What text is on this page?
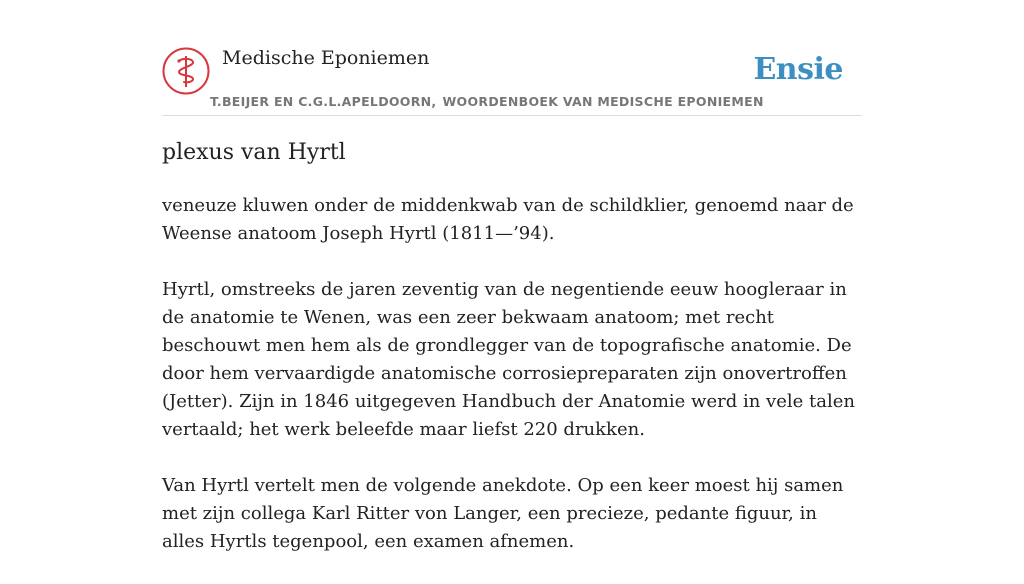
Medische Eponiemen	Ensie
T.BEIJER EN C.G.L.APELDOORN, WOORDENBOEK VAN MEDISCHE EPONIEMEN
plexus van Hyrtl

veneuze kluwen onder de middenkwab van de schildklier, genoemd naar de Weense anatoom Joseph Hyrtl (1811—’94).

Hyrtl, omstreeks de jaren zeventig van de negentiende eeuw hoogleraar in de anatomie te Wenen, was een zeer bekwaam anatoom; met recht beschouwt men hem als de grondlegger van de topografische anatomie. De door hem vervaardigde anatomische corrosiepreparaten zijn onovertroffen (Jetter). Zijn in 1846 uitgegeven Handbuch der Anatomie werd in vele talen vertaald; het werk beleefde maar liefst 220 drukken.

Van Hyrtl vertelt men de volgende anekdote. Op een keer moest hij samen met zijn collega Karl Ritter von Langer, een precieze, pedante figuur, in alles Hyrtls tegenpool, een examen afnemen.
